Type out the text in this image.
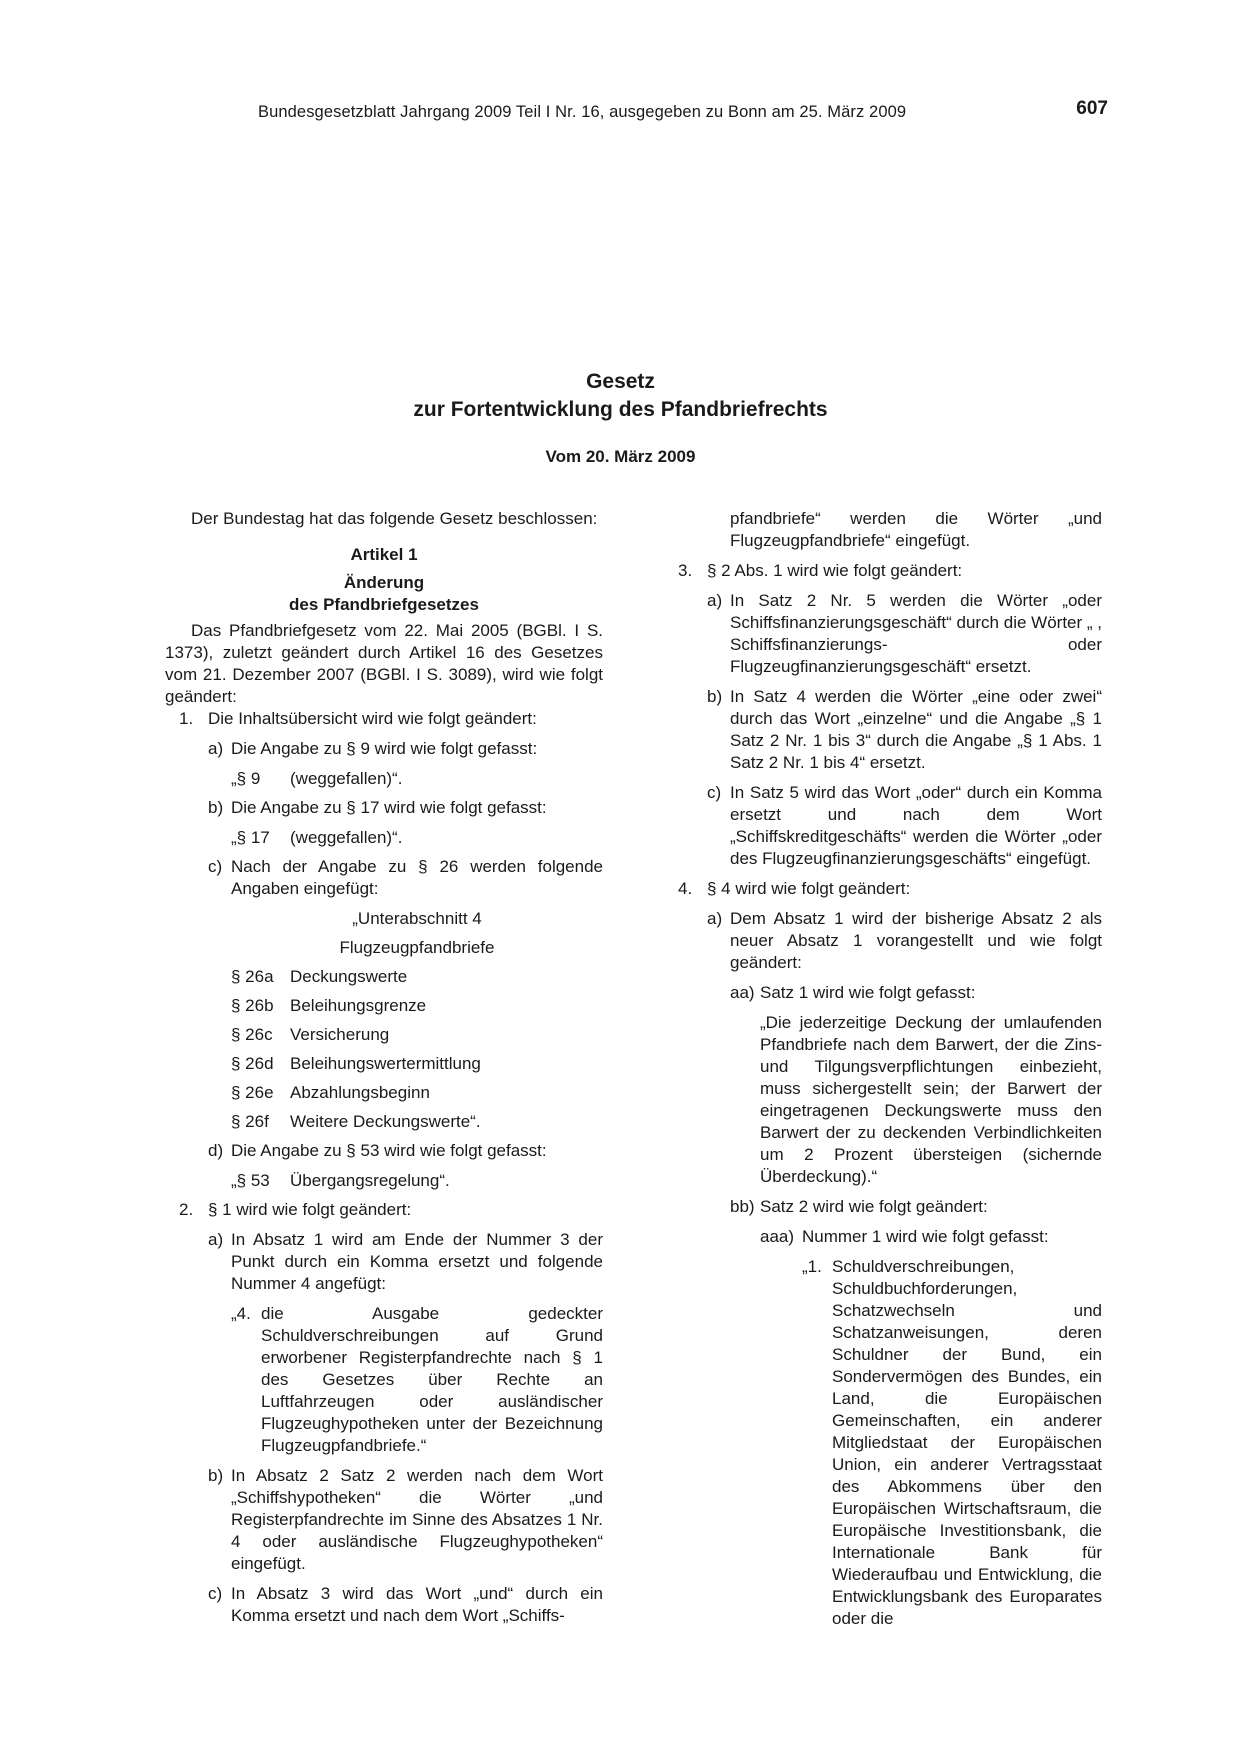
Bundesgesetzblatt Jahrgang 2009 Teil I Nr. 16, ausgegeben zu Bonn am 25. März 2009	607
Gesetz
zur Fortentwicklung des Pfandbriefrechts
Vom 20. März 2009

Der Bundestag hat das folgende Gesetz beschlossen:

Artikel 1

Änderung

des Pfandbriefgesetzes

Das Pfandbriefgesetz vom 22. Mai 2005 (BGBl. I S. 1373), zuletzt geändert durch Artikel 16 des Gesetzes vom 21. Dezember 2007 (BGBl. I S. 3089), wird wie folgt geändert:

1. Die Inhaltsübersicht wird wie folgt geändert:
a) Die Angabe zu § 9 wird wie folgt gefasst:
„§ 9	(weggefallen)“.
b) Die Angabe zu § 17 wird wie folgt gefasst:
„§ 17	(weggefallen)“.
c) Nach der Angabe zu § 26 werden folgende Angaben eingefügt:
„Unterabschnitt 4
Flugzeugpfandbriefe
§ 26a Deckungswerte
§ 26b Beleihungsgrenze
§ 26c	Versicherung
§ 26d Beleihungswertermittlung
§ 26e Abzahlungsbeginn
§ 26f	Weitere Deckungswerte“.
d) Die Angabe zu § 53 wird wie folgt gefasst:
„§ 53	Übergangsregelung“.
2. § 1 wird wie folgt geändert:
a) In Absatz 1 wird am Ende der Nummer 3 der Punkt durch ein Komma ersetzt und folgende Nummer 4 angefügt:
„4. die Ausgabe gedeckter Schuldverschreibungen auf Grund erworbener Registerpfandrechte nach § 1 des Gesetzes über Rechte an Luftfahrzeugen oder ausländischer Flugzeughypotheken unter der Bezeichnung Flugzeugpfandbriefe.“
b) In Absatz 2 Satz 2 werden nach dem Wort „Schiffshypotheken“ die Wörter „und Registerpfandrechte im Sinne des Absatzes 1 Nr. 4 oder ausländische Flugzeughypotheken“ eingefügt.
c) In Absatz 3 wird das Wort „und“ durch ein Komma ersetzt und nach dem Wort „Schiffs-
pfandbriefe“ werden die Wörter „und Flugzeugpfandbriefe“ eingefügt.
3. § 2 Abs. 1 wird wie folgt geändert:
a) In Satz 2 Nr. 5 werden die Wörter „oder Schiffsfinanzierungsgeschäft“ durch die Wörter „ , Schiffsfinanzierungs- oder Flugzeugfinanzierungsgeschäft“ ersetzt.
b) In Satz 4 werden die Wörter „eine oder zwei“ durch das Wort „einzelne“ und die Angabe „§ 1 Satz 2 Nr. 1 bis 3“ durch die Angabe „§ 1 Abs. 1 Satz 2 Nr. 1 bis 4“ ersetzt.
c) In Satz 5 wird das Wort „oder“ durch ein Komma ersetzt und nach dem Wort „Schiffskreditgeschäfts“ werden die Wörter „oder des Flugzeugfinanzierungsgeschäfts“ eingefügt.
4. § 4 wird wie folgt geändert:
a) Dem Absatz 1 wird der bisherige Absatz 2 als neuer Absatz 1 vorangestellt und wie folgt geändert:
aa) Satz 1 wird wie folgt gefasst:
„Die jederzeitige Deckung der umlaufenden Pfandbriefe nach dem Barwert, der die Zins- und Tilgungsverpflichtungen einbezieht, muss sichergestellt sein; der Barwert der eingetragenen Deckungswerte muss den Barwert der zu deckenden Verbindlichkeiten um 2 Prozent übersteigen (sichernde Überdeckung).“
bb) Satz 2 wird wie folgt geändert:
aaa) Nummer 1 wird wie folgt gefasst:
„1. Schuldverschreibungen, Schuldbuchforderungen, Schatzwechseln und Schatzanweisungen, deren Schuldner der Bund, ein Sondervermögen des Bundes, ein Land, die Europäischen Gemeinschaften, ein anderer Mitgliedstaat der Europäischen Union, ein anderer Vertragsstaat des Abkommens über den Europäischen Wirtschaftsraum, die Europäische Investitionsbank, die Internationale Bank für Wiederaufbau und Entwicklung, die Entwicklungsbank des Europarates oder die
